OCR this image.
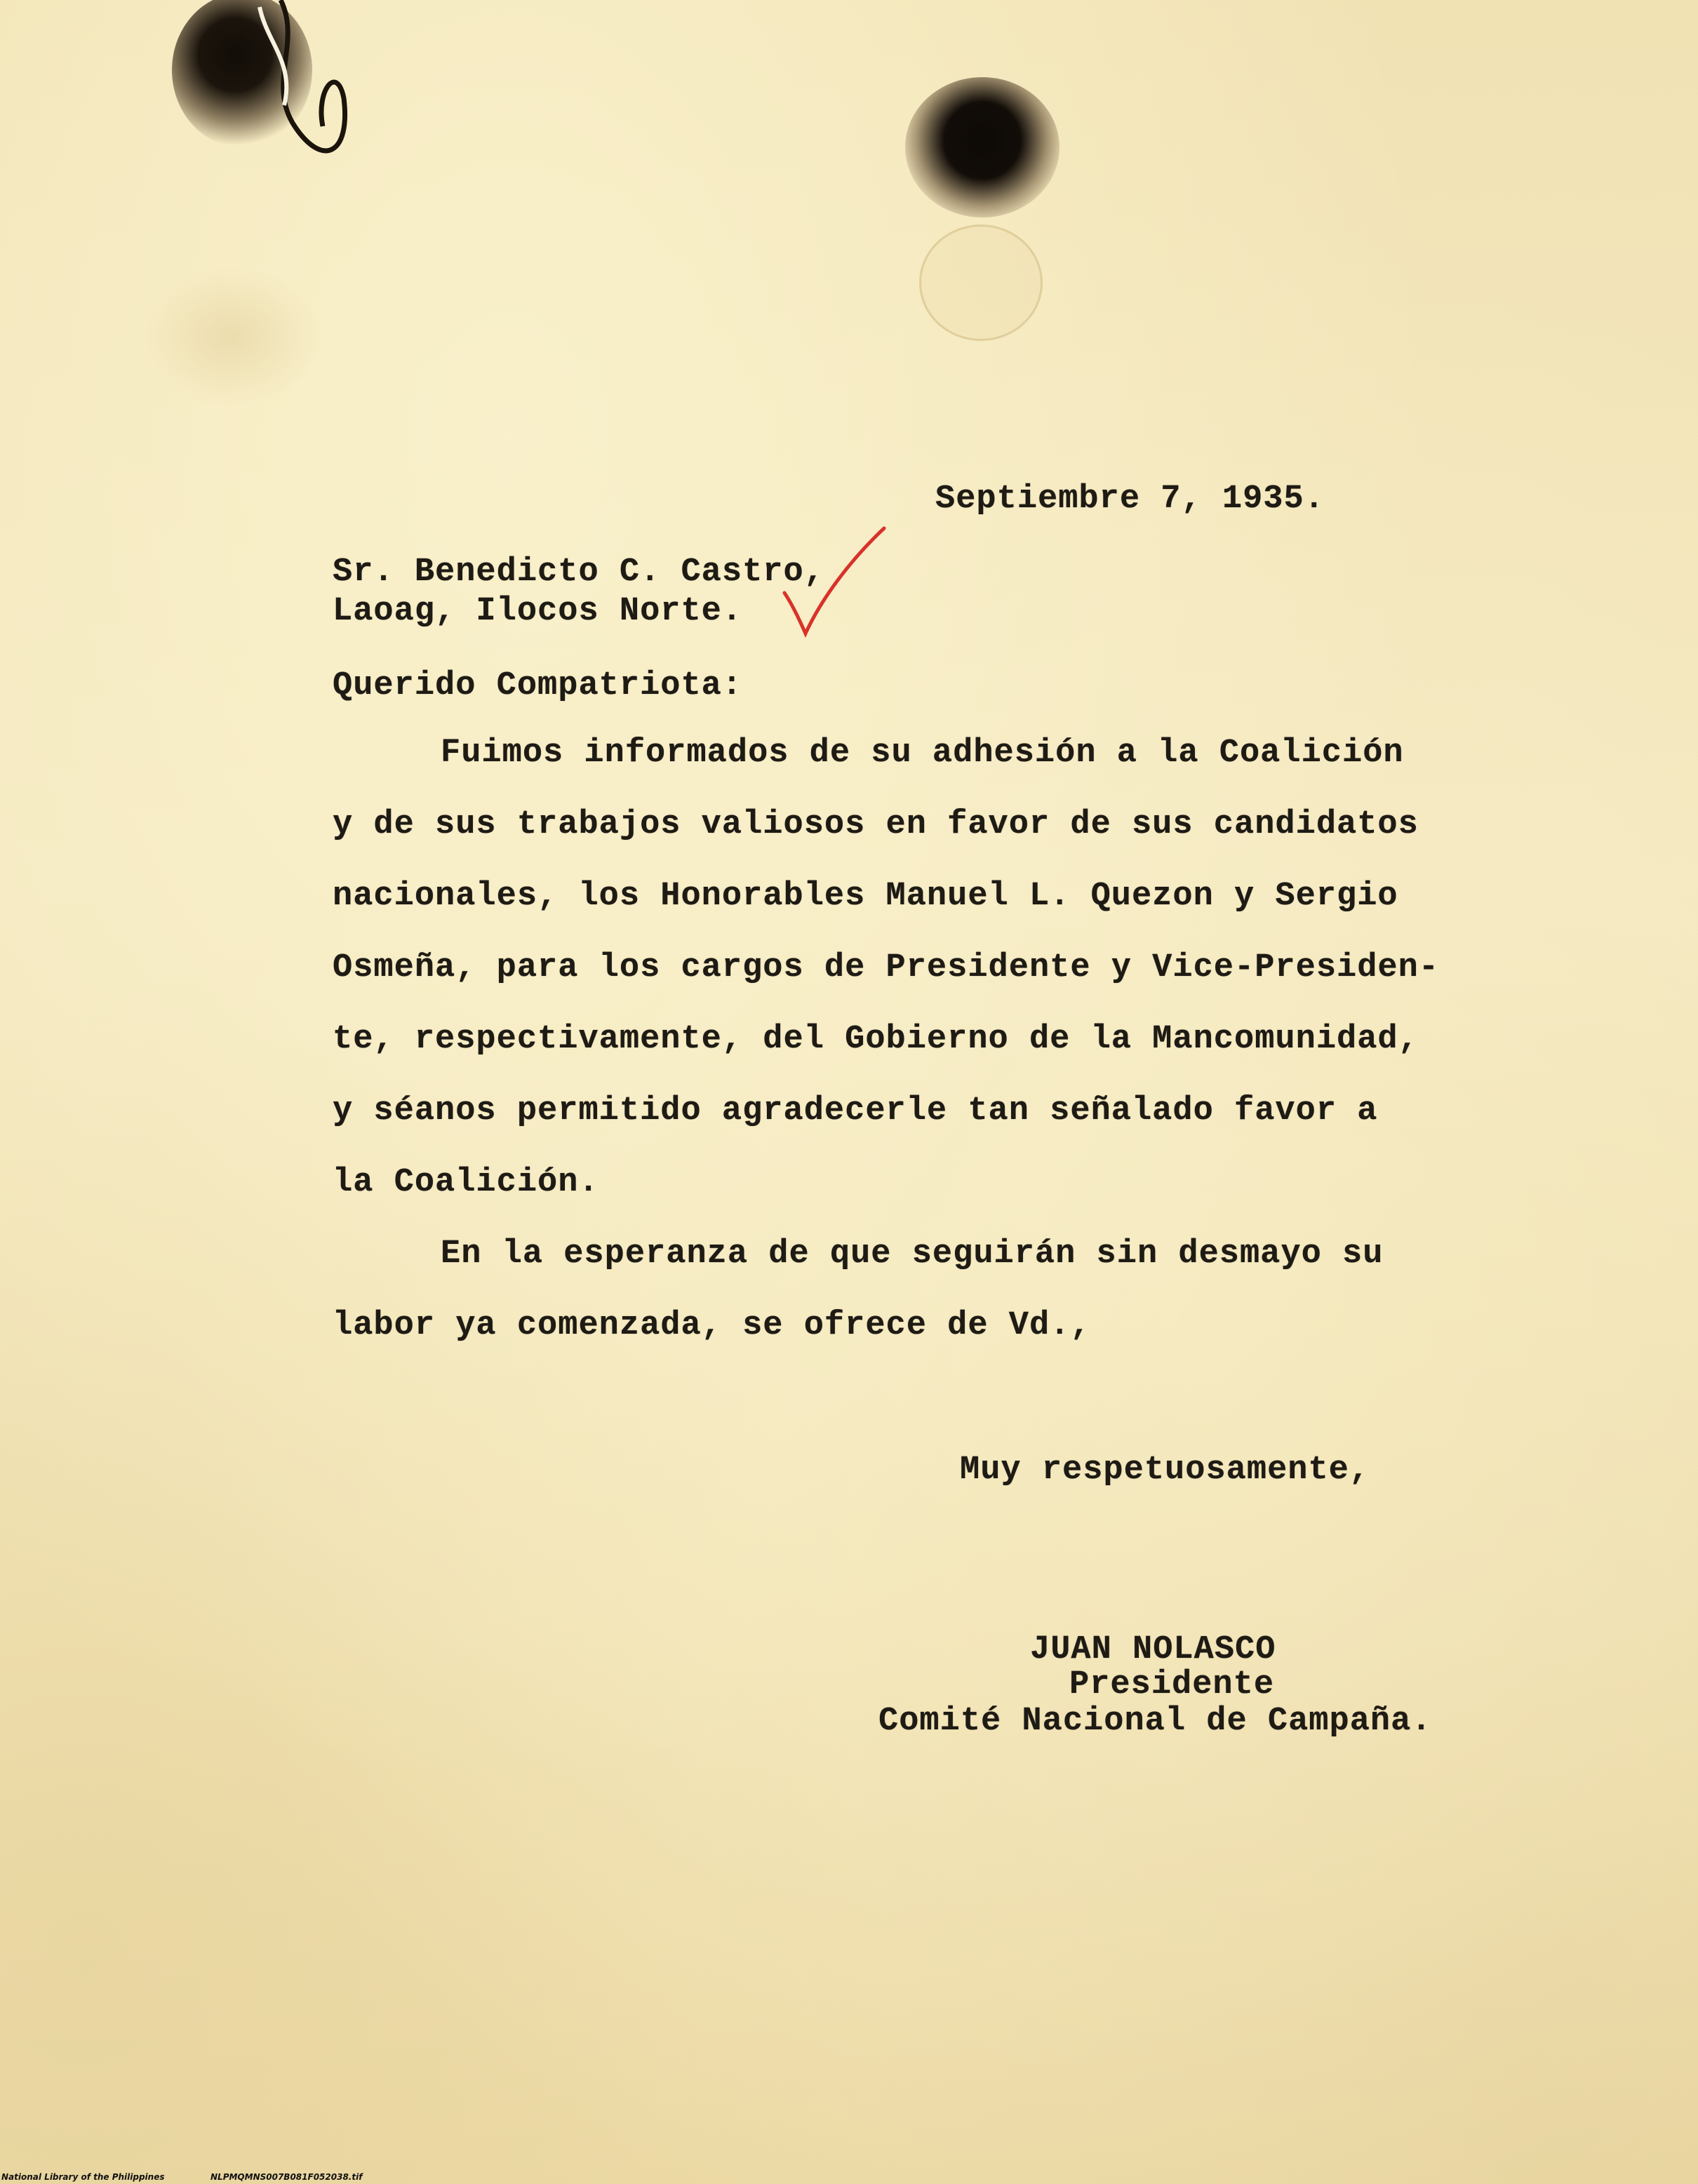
Septiembre 7, 1935.
Sr. Benedicto C. Castro,
Laoag, Ilocos Norte.
Querido Compatriota:
Fuimos informados de su adhesión a la Coalición
y de sus trabajos valiosos en favor de sus candidatos
nacionales, los Honorables Manuel L. Quezon y Sergio
Osmeña, para los cargos de Presidente y Vice-Presiden-
te, respectivamente, del Gobierno de la Mancomunidad,
y séanos permitido agradecerle tan señalado favor a
la Coalición.
En la esperanza de que seguirán sin desmayo su
labor ya comenzada, se ofrece de Vd.,
Muy respetuosamente,
JUAN NOLASCO
Presidente
Comité Nacional de Campaña.
National Library of the Philippines	NLPMQMNS007B081F052038.tif
